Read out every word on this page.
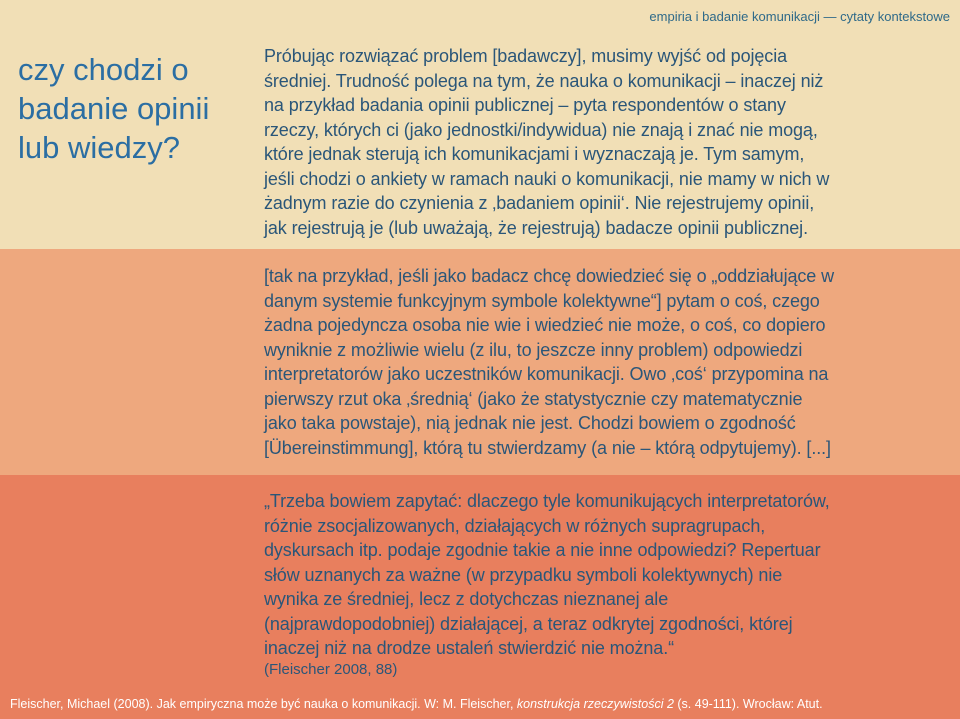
empiria i badanie komunikacji — cytaty kontekstowe
czy chodzi o
badanie opinii
lub wiedzy?
Próbując rozwiązać problem [badawczy], musimy wyjść od pojęcia
średniej. Trudność polega na tym, że nauka o komunikacji – inaczej niż
na przykład badania opinii publicznej – pyta respondentów o stany
rzeczy, których ci (jako jednostki/indywidua) nie znają i znać nie mogą,
które jednak sterują ich komunikacjami i wyznaczają je. Tym samym,
jeśli chodzi o ankiety w ramach nauki o komunikacji, nie mamy w nich w
żadnym razie do czynienia z ‚badaniem opinii‘. Nie rejestrujemy opinii,
jak rejestrują je (lub uważają, że rejestrują) badacze opinii publicznej.
[tak na przykład, jeśli jako badacz chcę dowiedzieć się o „oddziałujące w
danym systemie funkcyjnym symbole kolektywne“] pytam o coś, czego
żadna pojedyncza osoba nie wie i wiedzieć nie może, o coś, co dopiero
wyniknie z możliwie wielu (z ilu, to jeszcze inny problem) odpowiedzi
interpretatorów jako uczestników komunikacji. Owo ‚coś‘ przypomina na
pierwszy rzut oka ‚średnią‘ (jako że statystycznie czy matematycznie
jako taka powstaje), nią jednak nie jest. Chodzi bowiem o zgodność
[Übereinstimmung], którą tu stwierdzamy (a nie – którą odpytujemy). [...]
„Trzeba bowiem zapytać: dlaczego tyle komunikujących interpretatorów,
różnie zsocjalizowanych, działających w różnych supragrupach,
dyskursach itp. podaje zgodnie takie a nie inne odpowiedzi? Repertuar
słów uznanych za ważne (w przypadku symboli kolektywnych) nie
wynika ze średniej, lecz z dotychczas nieznanej ale
(najprawdopodobniej) działającej, a teraz odkrytej zgodności, której
inaczej niż na drodze ustaleń stwierdzić nie można.“
(Fleischer 2008, 88)
Fleischer, Michael (2008). Jak empiryczna może być nauka o komunikacji. W: M. Fleischer, konstrukcja rzeczywistości 2 (s. 49-111). Wrocław: Atut.
